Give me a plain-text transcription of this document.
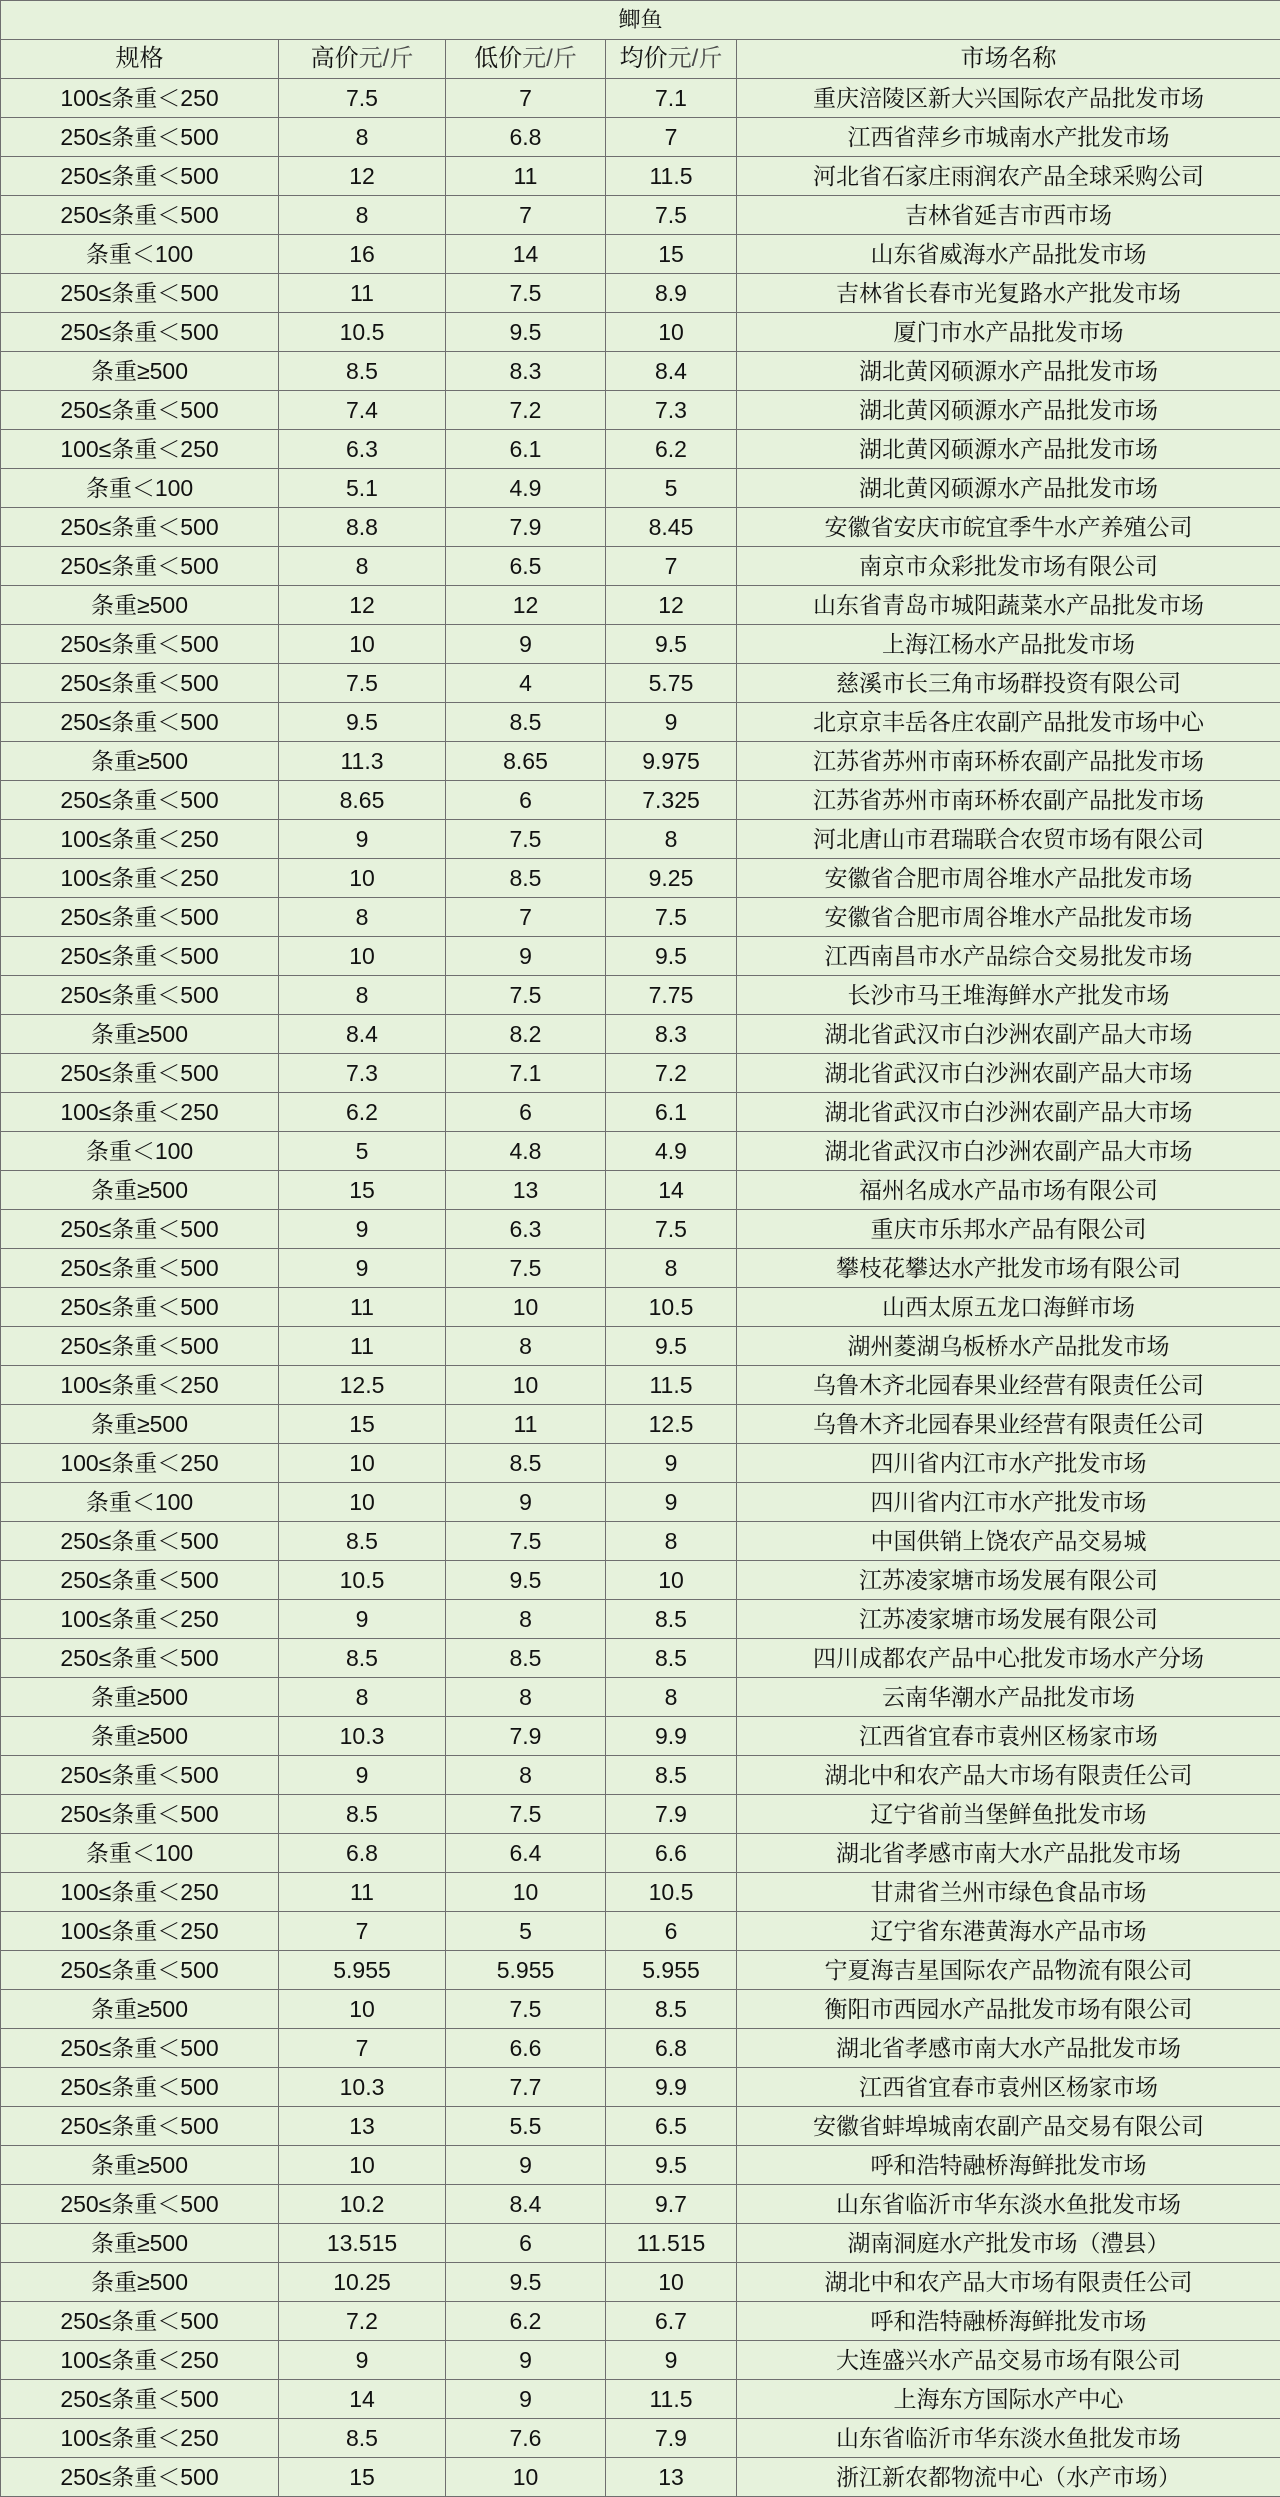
鲫鱼				
规格	高价元/斤	低价元/斤	均价元/斤	市场名称
100≤条重＜250	7.5	7	7.1	重庆涪陵区新大兴国际农产品批发市场
250≤条重＜500	8	6.8	7	江西省萍乡市城南水产批发市场
250≤条重＜500	12	11	11.5	河北省石家庄雨润农产品全球采购公司
250≤条重＜500	8	7	7.5	吉林省延吉市西市场
条重＜100	16	14	15	山东省威海水产品批发市场
250≤条重＜500	11	7.5	8.9	吉林省长春市光复路水产批发市场
250≤条重＜500	10.5	9.5	10	厦门市水产品批发市场
条重≥500	8.5	8.3	8.4	湖北黄冈硕源水产品批发市场
250≤条重＜500	7.4	7.2	7.3	湖北黄冈硕源水产品批发市场
100≤条重＜250	6.3	6.1	6.2	湖北黄冈硕源水产品批发市场
条重＜100	5.1	4.9	5	湖北黄冈硕源水产品批发市场
250≤条重＜500	8.8	7.9	8.45	安徽省安庆市皖宜季牛水产养殖公司
250≤条重＜500	8	6.5	7	南京市众彩批发市场有限公司
条重≥500	12	12	12	山东省青岛市城阳蔬菜水产品批发市场
250≤条重＜500	10	9	9.5	上海江杨水产品批发市场
250≤条重＜500	7.5	4	5.75	慈溪市长三角市场群投资有限公司
250≤条重＜500	9.5	8.5	9	北京京丰岳各庄农副产品批发市场中心
条重≥500	11.3	8.65	9.975	江苏省苏州市南环桥农副产品批发市场
250≤条重＜500	8.65	6	7.325	江苏省苏州市南环桥农副产品批发市场
100≤条重＜250	9	7.5	8	河北唐山市君瑞联合农贸市场有限公司
100≤条重＜250	10	8.5	9.25	安徽省合肥市周谷堆水产品批发市场
250≤条重＜500	8	7	7.5	安徽省合肥市周谷堆水产品批发市场
250≤条重＜500	10	9	9.5	江西南昌市水产品综合交易批发市场
250≤条重＜500	8	7.5	7.75	长沙市马王堆海鲜水产批发市场
条重≥500	8.4	8.2	8.3	湖北省武汉市白沙洲农副产品大市场
250≤条重＜500	7.3	7.1	7.2	湖北省武汉市白沙洲农副产品大市场
100≤条重＜250	6.2	6	6.1	湖北省武汉市白沙洲农副产品大市场
条重＜100	5	4.8	4.9	湖北省武汉市白沙洲农副产品大市场
条重≥500	15	13	14	福州名成水产品市场有限公司
250≤条重＜500	9	6.3	7.5	重庆市乐邦水产品有限公司
250≤条重＜500	9	7.5	8	攀枝花攀达水产批发市场有限公司
250≤条重＜500	11	10	10.5	山西太原五龙口海鲜市场
250≤条重＜500	11	8	9.5	湖州菱湖乌板桥水产品批发市场
100≤条重＜250	12.5	10	11.5	乌鲁木齐北园春果业经营有限责任公司
条重≥500	15	11	12.5	乌鲁木齐北园春果业经营有限责任公司
100≤条重＜250	10	8.5	9	四川省内江市水产批发市场
条重＜100	10	9	9	四川省内江市水产批发市场
250≤条重＜500	8.5	7.5	8	中国供销上饶农产品交易城
250≤条重＜500	10.5	9.5	10	江苏凌家塘市场发展有限公司
100≤条重＜250	9	8	8.5	江苏凌家塘市场发展有限公司
250≤条重＜500	8.5	8.5	8.5	四川成都农产品中心批发市场水产分场
条重≥500	8	8	8	云南华潮水产品批发市场
条重≥500	10.3	7.9	9.9	江西省宜春市袁州区杨家市场
250≤条重＜500	9	8	8.5	湖北中和农产品大市场有限责任公司
250≤条重＜500	8.5	7.5	7.9	辽宁省前当堡鲜鱼批发市场
条重＜100	6.8	6.4	6.6	湖北省孝感市南大水产品批发市场
100≤条重＜250	11	10	10.5	甘肃省兰州市绿色食品市场
100≤条重＜250	7	5	6	辽宁省东港黄海水产品市场
250≤条重＜500	5.955	5.955	5.955	宁夏海吉星国际农产品物流有限公司
条重≥500	10	7.5	8.5	衡阳市西园水产品批发市场有限公司
250≤条重＜500	7	6.6	6.8	湖北省孝感市南大水产品批发市场
250≤条重＜500	10.3	7.7	9.9	江西省宜春市袁州区杨家市场
250≤条重＜500	13	5.5	6.5	安徽省蚌埠城南农副产品交易有限公司
条重≥500	10	9	9.5	呼和浩特融桥海鲜批发市场
250≤条重＜500	10.2	8.4	9.7	山东省临沂市华东淡水鱼批发市场
条重≥500	13.515	6	11.515	湖南洞庭水产批发市场（澧县）
条重≥500	10.25	9.5	10	湖北中和农产品大市场有限责任公司
250≤条重＜500	7.2	6.2	6.7	呼和浩特融桥海鲜批发市场
100≤条重＜250	9	9	9	大连盛兴水产品交易市场有限公司
250≤条重＜500	14	9	11.5	上海东方国际水产中心
100≤条重＜250	8.5	7.6	7.9	山东省临沂市华东淡水鱼批发市场
250≤条重＜500	15	10	13	浙江新农都物流中心（水产市场）
